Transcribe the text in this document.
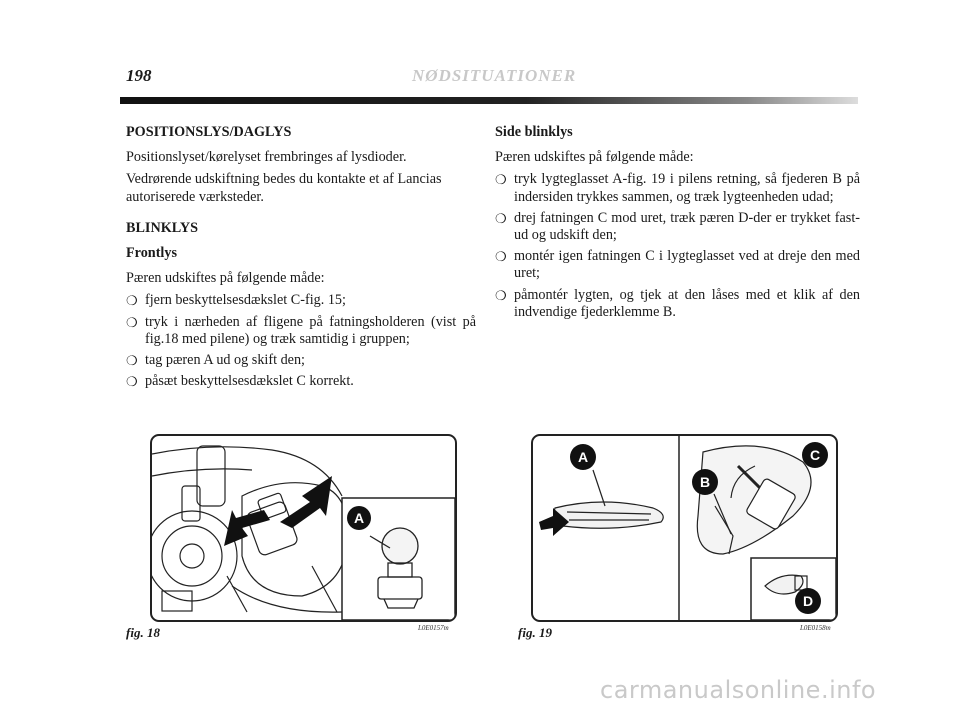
198	NØDSITUATIONER

POSITIONSLYS/DAGLYS

Positionslyset/kørelyset frembringes af lysdioder.

Vedrørende udskiftning bedes du kontakte et af Lancias autoriserede værksteder.

BLINKLYS

Frontlys

Pæren udskiftes på følgende måde:

❍ fjern beskyttelsesdækslet C-fig. 15;
❍ tryk i nærheden af fligene på fatningsholderen (vist på fig.18 med pilene) og træk samtidig i gruppen;
❍ tag pæren A ud og skift den;
❍ påsæt beskyttelsesdækslet C korrekt.

Side blinklys

Pæren udskiftes på følgende måde:

❍ tryk lygteglasset A-fig. 19 i pilens retning, så fjederen B på indersiden trykkes sammen, og træk lygteenheden udad;
❍ drej fatningen C mod uret, træk pæren D-der er trykket fast-ud og udskift den;
❍ montér igen fatningen C i lygteglasset ved at dreje den med uret;
❍ påmontér lygten, og tjek at den låses med et klik af den indvendige fjederklemme B.
A
fig. 18	L0E0157m
A
B
C
D
fig. 19	L0E0158m
carmanualsonline.info
